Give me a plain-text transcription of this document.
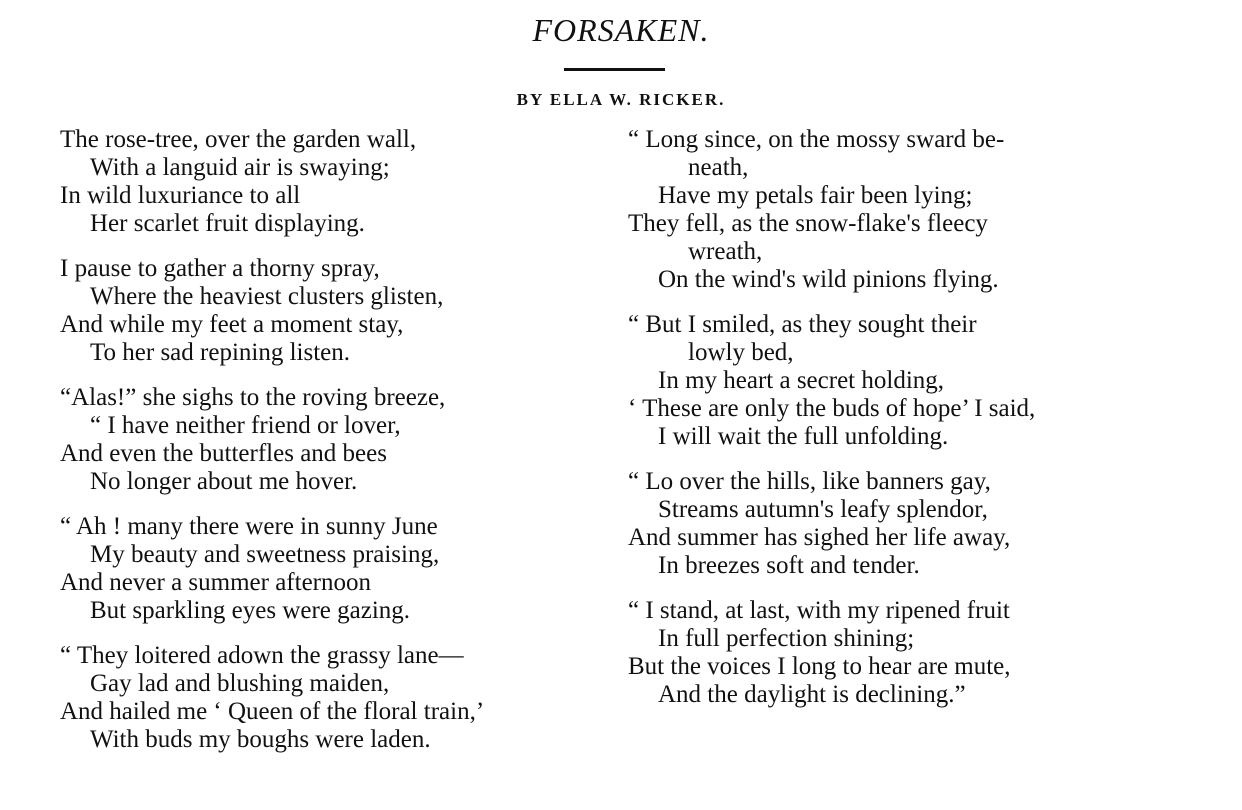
FORSAKEN.
BY ELLA W. RICKER.
The rose-tree, over the garden wall,
With a languid air is swaying;
In wild luxuriance to all
Her scarlet fruit displaying.
I pause to gather a thorny spray,
Where the heaviest clusters glisten,
And while my feet a moment stay,
To her sad repining listen.
“Alas!” she sighs to the roving breeze,
“ I have neither friend or lover,
And even the butterfles and bees
No longer about me hover.
“ Ah ! many there were in sunny June
My beauty and sweetness praising,
And never a summer afternoon
But sparkling eyes were gazing.
“ They loitered adown the grassy lane—
Gay lad and blushing maiden,
And hailed me ‘ Queen of the floral train,’
With buds my boughs were laden.
“ Long since, on the mossy sward be-
neath,
Have my petals fair been lying;
They fell, as the snow-flake's fleecy
wreath,
On the wind's wild pinions flying.
“ But I smiled, as they sought their
lowly bed,
In my heart a secret holding,
‘ These are only the buds of hope’ I said,
I will wait the full unfolding.
“ Lo over the hills, like banners gay,
Streams autumn's leafy splendor,
And summer has sighed her life away,
In breezes soft and tender.
“ I stand, at last, with my ripened fruit
In full perfection shining;
But the voices I long to hear are mute,
And the daylight is declining.”
